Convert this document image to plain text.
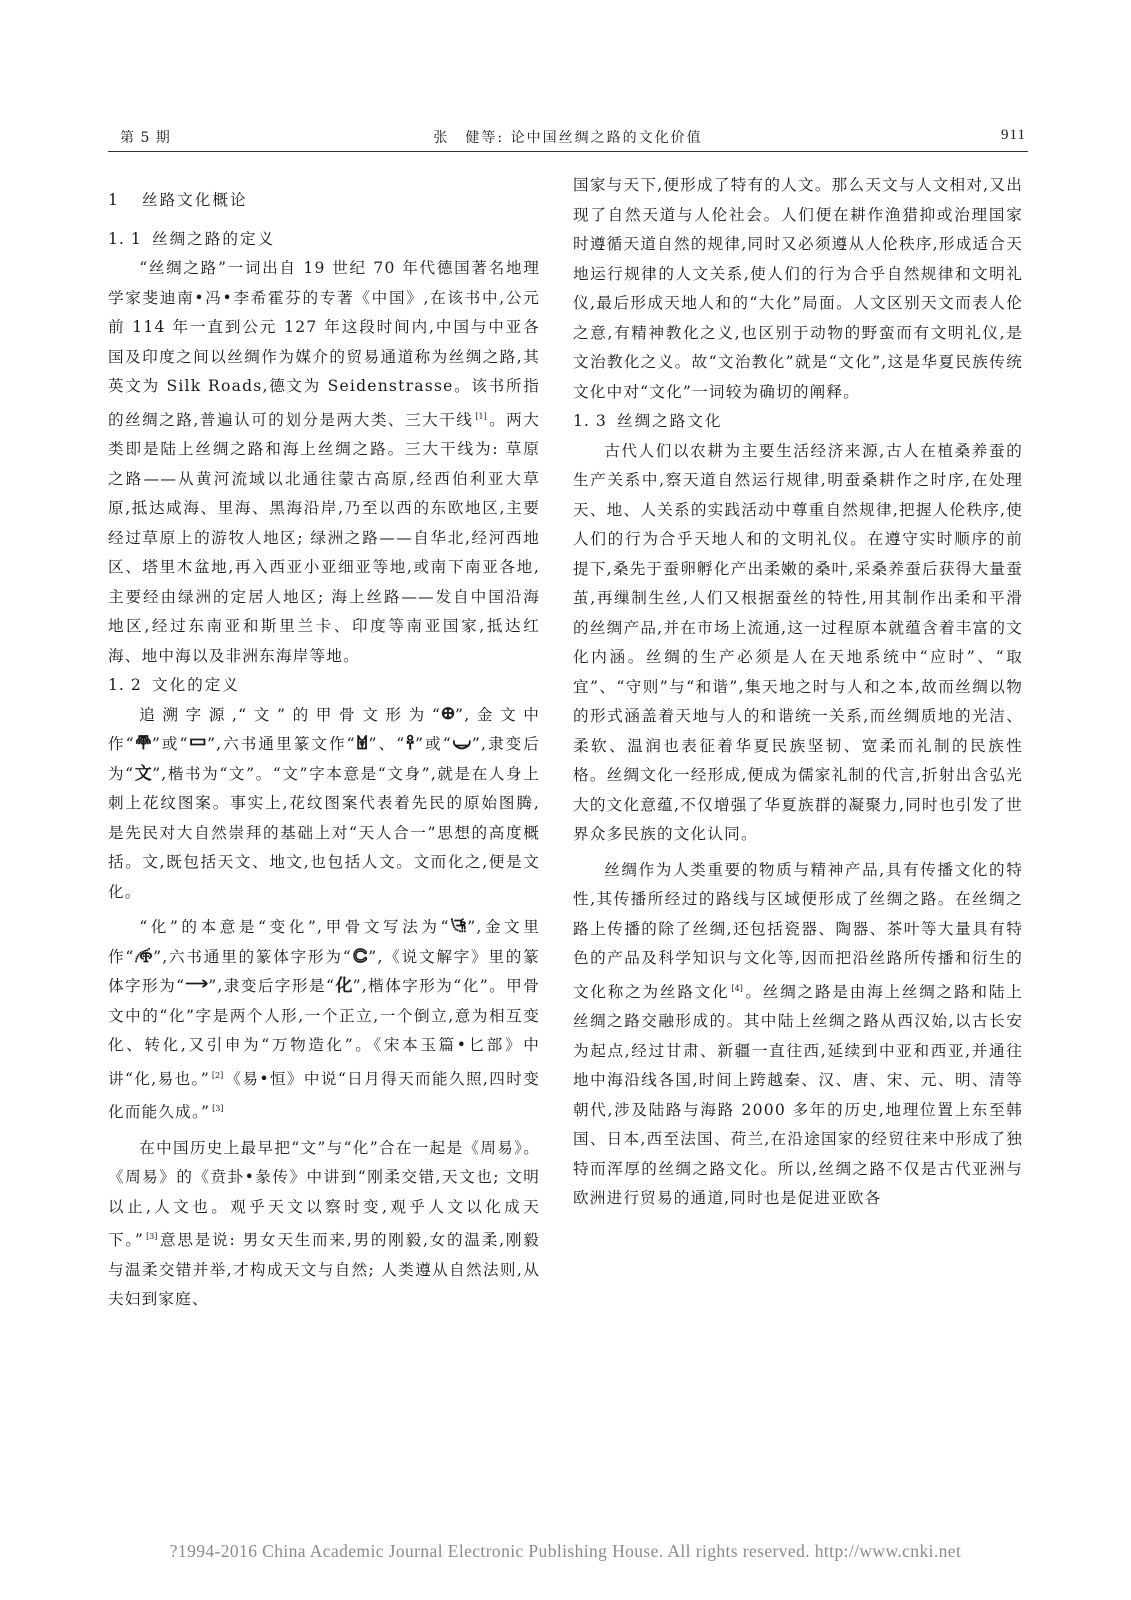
第 5 期	张　健等: 论中国丝绸之路的文化价值	911
1 丝路文化概论
1. 1 丝绸之路的定义

“丝绸之路”一词出自 19 世纪 70 年代德国著名地理学家斐迪南•冯•李希霍芬的专著《中国》,在该书中,公元前 114 年一直到公元 127 年这段时间内,中国与中亚各国及印度之间以丝绸作为媒介的贸易通道称为丝绸之路,其英文为 Silk Roads,德文为 Seidenstrasse。该书所指的丝绸之路,普遍认可的划分是两大类、三大干线 [1] 。两大类即是陆上丝绸之路和海上丝绸之路。三大干线为: 草原之路——从黄河流域以北通往蒙古高原,经西伯利亚大草原,抵达咸海、里海、黑海沿岸,乃至以西的东欧地区,主要经过草原上的游牧人地区; 绿洲之路——自华北,经河西地区、塔里木盆地,再入西亚小亚细亚等地,或南下南亚各地,主要经由绿洲的定居人地区; 海上丝路——发自中国沿海地区,经过东南亚和斯里兰卡、印度等南亚国家,抵达红海、地中海以及非洲东海岸等地。

1. 2 文化的定义

追溯字源,“文”的甲骨文形为“𐃏”,金文中作“𐃐”或“𐃑”,六书通里篆文作“𐃒”、“𐃓”或“𐃔”,隶变后为“文”,楷书为“文”。“文”字本意是“文身”,就是在人身上刺上花纹图案。事实上,花纹图案代表着先民的原始图腾,是先民对大自然崇拜的基础上对“天人合一”思想的高度概括。文,既包括天文、地文,也包括人文。文而化之,便是文化。

“化”的本意是“变化”,甲骨文写法为“𐃕”,金文里作“𐃖”,六书通里的篆体字形为“𐃗”,《说文解字》里的篆体字形为“𐃘”,隶变后字形是“化”,楷体字形为“化”。甲骨文中的“化”字是两个人形,一个正立,一个倒立,意为相互变化、转化,又引申为“万物造化”。《宋本玉篇•匕部》中讲“化,易也。” [2] 《易•恒》中说“日月得天而能久照,四时变化而能久成。” [3]

在中国历史上最早把“文”与“化”合在一起是《周易》。《周易》的《贲卦•彖传》中讲到“刚柔交错,天文也; 文明以止,人文也。观乎天文以察时变,观乎人文以化成天下。” [3] 意思是说: 男女天生而来,男的刚毅,女的温柔,刚毅与温柔交错并举,才构成天文与自然; 人类遵从自然法则,从夫妇到家庭、

国家与天下,便形成了特有的人文。那么天文与人文相对,又出现了自然天道与人伦社会。人们便在耕作渔猎抑或治理国家时遵循天道自然的规律,同时又必须遵从人伦秩序,形成适合天地运行规律的人文关系,使人们的行为合乎自然规律和文明礼仪,最后形成天地人和的“大化”局面。人文区别天文而表人伦之意,有精神教化之义,也区别于动物的野蛮而有文明礼仪,是文治教化之义。故“文治教化”就是“文化”,这是华夏民族传统文化中对“文化”一词较为确切的阐释。

1. 3 丝绸之路文化

古代人们以农耕为主要生活经济来源,古人在植桑养蚕的生产关系中,察天道自然运行规律,明蚕桑耕作之时序,在处理天、地、人关系的实践活动中尊重自然规律,把握人伦秩序,使人们的行为合乎天地人和的文明礼仪。在遵守实时顺序的前提下,桑先于蚕卵孵化产出柔嫩的桑叶,采桑养蚕后获得大量蚕茧,再缫制生丝,人们又根据蚕丝的特性,用其制作出柔和平滑的丝绸产品,并在市场上流通,这一过程原本就蕴含着丰富的文化内涵。丝绸的生产必须是人在天地系统中“应时”、“取宜”、“守则”与“和谐”,集天地之时与人和之本,故而丝绸以物的形式涵盖着天地与人的和谐统一关系,而丝绸质地的光洁、柔软、温润也表征着华夏民族坚韧、宽柔而礼制的民族性格。丝绸文化一经形成,便成为儒家礼制的代言,折射出含弘光大的文化意蕴,不仅增强了华夏族群的凝聚力,同时也引发了世界众多民族的文化认同。

丝绸作为人类重要的物质与精神产品,具有传播文化的特性,其传播所经过的路线与区域便形成了丝绸之路。在丝绸之路上传播的除了丝绸,还包括瓷器、陶器、茶叶等大量具有特色的产品及科学知识与文化等,因而把沿丝路所传播和衍生的文化称之为丝路文化 [4] 。丝绸之路是由海上丝绸之路和陆上丝绸之路交融形成的。其中陆上丝绸之路从西汉始,以古长安为起点,经过甘肃、新疆一直往西,延续到中亚和西亚,并通往地中海沿线各国,时间上跨越秦、汉、唐、宋、元、明、清等朝代,涉及陆路与海路 2000 多年的历史,地理位置上东至韩国、日本,西至法国、荷兰,在沿途国家的经贸往来中形成了独特而浑厚的丝绸之路文化。所以,丝绸之路不仅是古代亚洲与欧洲进行贸易的通道,同时也是促进亚欧各

?1994-2016 China Academic Journal Electronic Publishing House. All rights reserved. http://www.cnki.net
